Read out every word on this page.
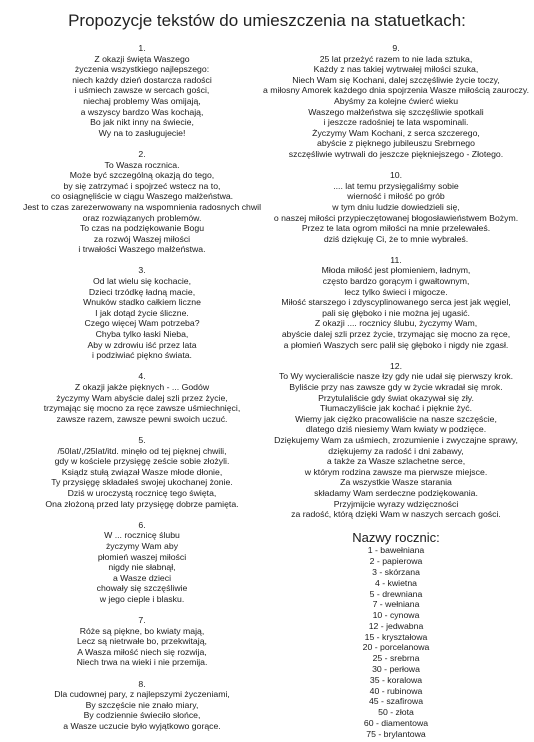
Propozycje tekstów do umieszczenia na statuetkach:
1.
Z okazji święta Waszego
życzenia wszystkiego najlepszego:
niech każdy dzień dostarcza radości
i uśmiech zawsze w sercach gości,
niechaj problemy Was omijają,
a wszyscy bardzo Was kochają,
Bo jak nikt inny na świecie,
Wy na to zasługujecie!
2.
To Wasza rocznica.
Może być szczególną okazją do tego,
by się zatrzymać i spojrzeć wstecz na to,
co osiągnęliście w ciągu Waszego małżeństwa.
Jest to czas zarezerwowany na wspomnienia radosnych chwil
oraz rozwiązanych problemów.
To czas na podziękowanie Bogu
za rozwój Waszej miłości
i trwałości Waszego małżeństwa.
3.
Od lat wielu się kochacie,
Dzieci trzódkę ładną macie,
Wnuków stadko całkiem liczne
I jak dotąd życie śliczne.
Czego więcej Wam potrzeba?
Chyba tylko łaski Nieba,
Aby w zdrowiu iść przez lata
i podziwiać piękno świata.
4.
Z okazji jakże pięknych - ... Godów
życzymy Wam abyście dalej szli przez życie,
trzymając się mocno za ręce zawsze uśmiechnięci,
zawsze razem, zawsze pewni swoich uczuć.
5.
/50lat/,/25lat/itd. minęło od tej pięknej chwili,
gdy w kościele przysięgę zeście sobie złożyli.
Ksiądz stułą związał Wasze młode dłonie,
Ty przysięgę składałeś swojej ukochanej żonie.
Dziś w uroczystą rocznicę tego święta,
Ona złożoną przed laty przysięgę dobrze pamięta.
6.
W ... rocznicę ślubu
życzymy Wam aby
płomień waszej miłości
nigdy nie słabnął,
a Wasze dzieci
chowały się szczęśliwie
w jego cieple i blasku.
7.
Róże są piękne, bo kwiaty mają,
Lecz są nietrwałe bo, przekwitają,
A Wasza miłość niech się rozwija,
Niech trwa na wieki i nie przemija.
8.
Dla cudownej pary, z najlepszymi życzeniami,
By szczęście nie znało miary,
By codziennie świeciło słońce,
a Wasze uczucie było wyjątkowo gorące.
9.
25 lat przeżyć razem to nie lada sztuka,
Każdy z nas takiej wytrwałej miłości szuka,
Niech Wam się Kochani, dalej szczęśliwie życie toczy,
a miłosny Amorek każdego dnia spojrzenia Wasze miłością zauroczy.
Abyśmy za kolejne ćwierć wieku
Waszego małżeństwa się szczęśliwie spotkali
i jeszcze radośniej te lata wspominali.
Życzymy Wam Kochani, z serca szczerego,
abyście z pięknego jubileuszu Srebrnego
szczęśliwie wytrwali do jeszcze piękniejszego - Złotego.
10.
.... lat temu przysięgaliśmy sobie
wierność i miłość po grób
w tym dniu ludzie dowiedzieli się,
o naszej miłości przypieczętowanej błogosławieństwem Bożym.
Przez te lata ogrom miłości na mnie przelewałeś.
dziś dziękuję Ci, że to mnie wybrałeś.
11.
Młoda miłość jest płomieniem, ładnym,
często bardzo gorącym i gwałtownym,
lecz tylko świeci i migocze.
Miłość starszego i zdyscyplinowanego serca jest jak węgiel,
pali się głęboko i nie można jej ugasić.
Z okazji .... rocznicy ślubu, życzymy Wam,
abyście dalej szli przez życie, trzymając się mocno za ręce,
a płomień Waszych serc palił się głęboko i nigdy nie zgasł.
12.
To Wy wycieraliście nasze łzy gdy nie udał się pierwszy krok.
Byliście przy nas zawsze gdy w życie wkradał się mrok.
Przytulaliście gdy świat okazywał się zły.
Tłumaczyliście jak kochać i pięknie żyć.
Wiemy jak ciężko pracowaliście na nasze szczęście,
dlatego dziś niesiemy Wam kwiaty w podzięce.
Dziękujemy Wam za uśmiech, zrozumienie i zwyczajne sprawy,
dziękujemy za radość i dni zabawy,
a także za Wasze szlachetne serce,
w którym rodzina zawsze ma pierwsze miejsce.
Za wszystkie Wasze starania
składamy Wam serdeczne podziękowania.
Przyjmijcie wyrazy wdzięczności
za radość, którą dzięki Wam w naszych sercach gości.
Nazwy rocznic:
1 - bawełniana
2 - papierowa
3 - skórzana
4 - kwietna
5 - drewniana
7 - wełniana
10 - cynowa
12 - jedwabna
15 - kryształowa
20 - porcelanowa
25 - srebrna
30 - perłowa
35 - koralowa
40 - rubinowa
45 - szafirowa
50 - złota
60 - diamentowa
75 - brylantowa
